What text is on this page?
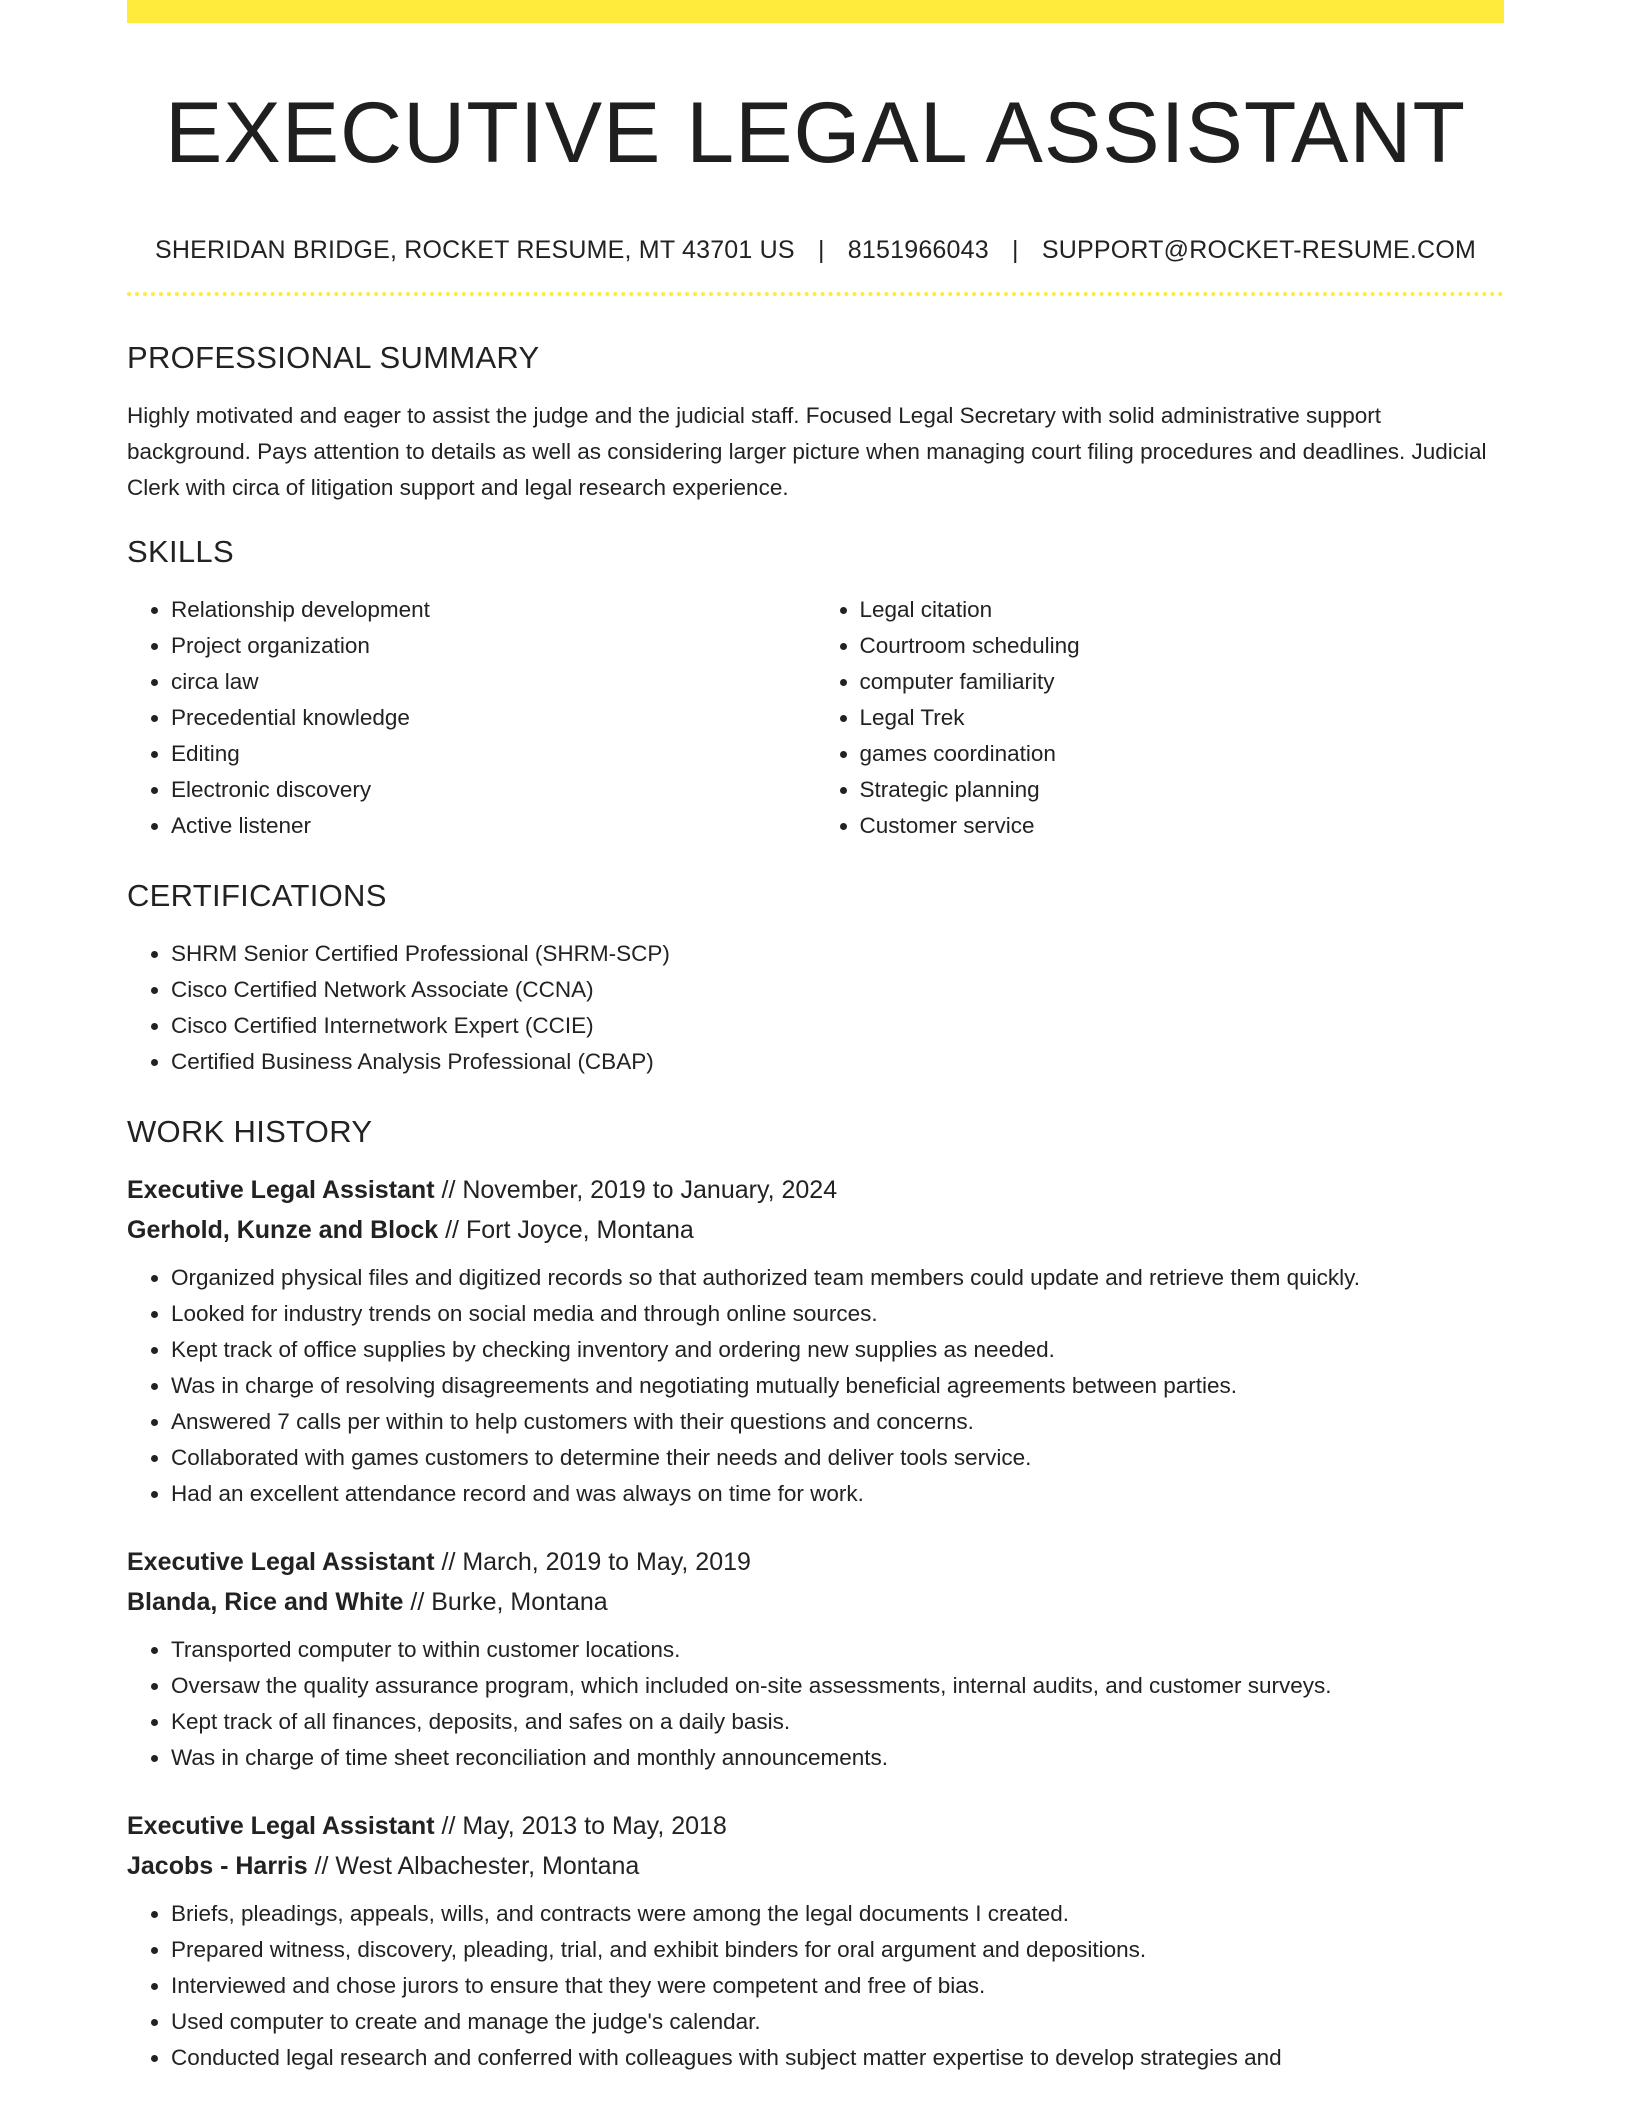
EXECUTIVE LEGAL ASSISTANT
SHERIDAN BRIDGE, ROCKET RESUME, MT 43701 US | 8151966043 | SUPPORT@ROCKET-RESUME.COM
PROFESSIONAL SUMMARY
Highly motivated and eager to assist the judge and the judicial staff. Focused Legal Secretary with solid administrative support background. Pays attention to details as well as considering larger picture when managing court filing procedures and deadlines. Judicial Clerk with circa of litigation support and legal research experience.
SKILLS
• Relationship development
• Project organization
• circa law
• Precedential knowledge
• Editing
• Electronic discovery
• Active listener
• Legal citation
• Courtroom scheduling
• computer familiarity
• Legal Trek
• games coordination
• Strategic planning
• Customer service
CERTIFICATIONS
• SHRM Senior Certified Professional (SHRM-SCP)
• Cisco Certified Network Associate (CCNA)
• Cisco Certified Internetwork Expert (CCIE)
• Certified Business Analysis Professional (CBAP)
WORK HISTORY
Executive Legal Assistant // November, 2019 to January, 2024
Gerhold, Kunze and Block // Fort Joyce, Montana
• Organized physical files and digitized records so that authorized team members could update and retrieve them quickly.
• Looked for industry trends on social media and through online sources.
• Kept track of office supplies by checking inventory and ordering new supplies as needed.
• Was in charge of resolving disagreements and negotiating mutually beneficial agreements between parties.
• Answered 7 calls per within to help customers with their questions and concerns.
• Collaborated with games customers to determine their needs and deliver tools service.
• Had an excellent attendance record and was always on time for work.
Executive Legal Assistant // March, 2019 to May, 2019
Blanda, Rice and White // Burke, Montana
• Transported computer to within customer locations.
• Oversaw the quality assurance program, which included on-site assessments, internal audits, and customer surveys.
• Kept track of all finances, deposits, and safes on a daily basis.
• Was in charge of time sheet reconciliation and monthly announcements.
Executive Legal Assistant // May, 2013 to May, 2018
Jacobs - Harris // West Albachester, Montana
• Briefs, pleadings, appeals, wills, and contracts were among the legal documents I created.
• Prepared witness, discovery, pleading, trial, and exhibit binders for oral argument and depositions.
• Interviewed and chose jurors to ensure that they were competent and free of bias.
• Used computer to create and manage the judge's calendar.
• Conducted legal research and conferred with colleagues with subject matter expertise to develop strategies and
